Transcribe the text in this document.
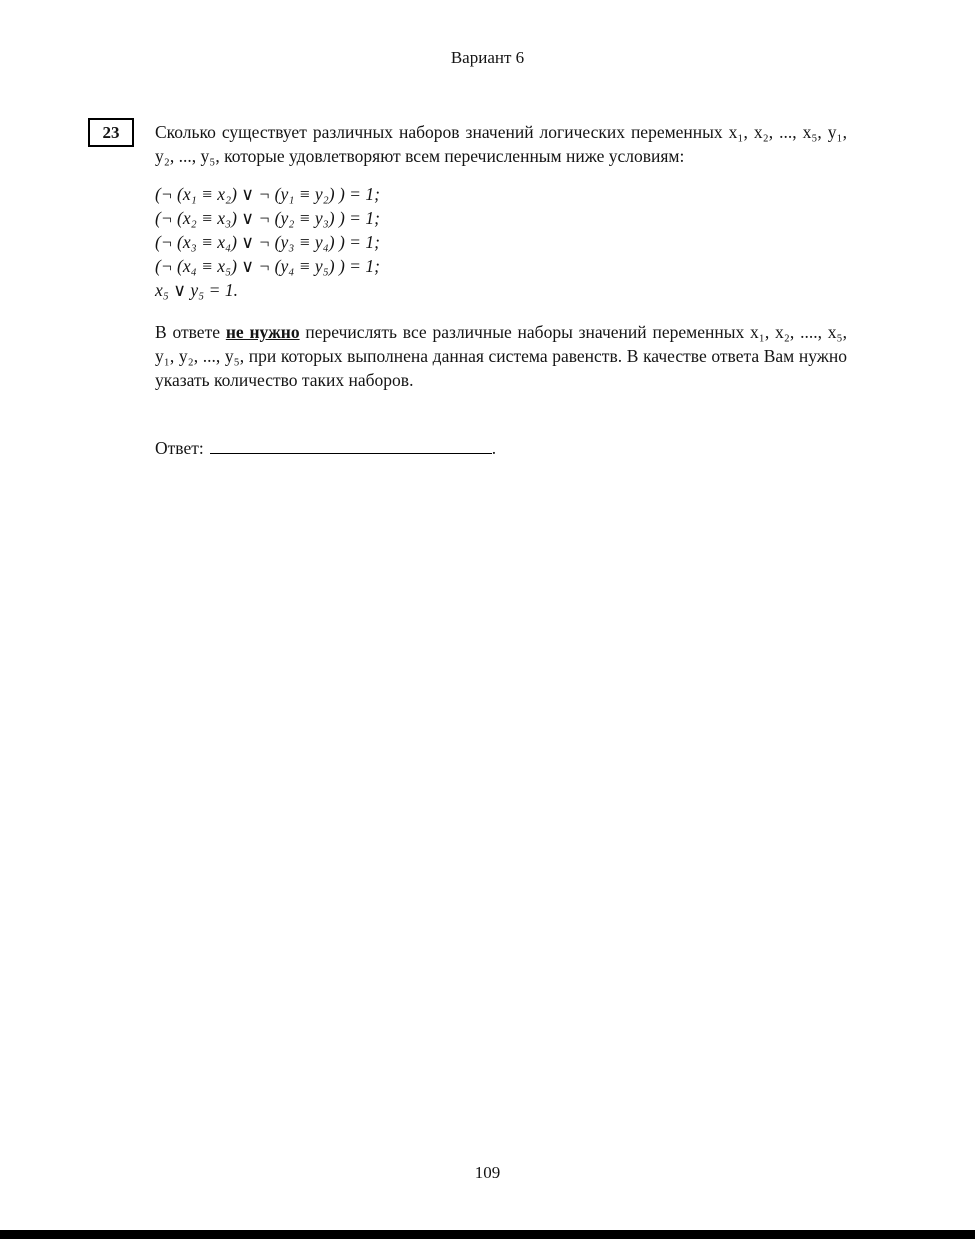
Вариант 6
23 Сколько существует различных наборов значений логических переменных x₁, x₂, ..., x₅, y₁, y₂, ..., y₅, которые удовлетворяют всем перечисленным ниже условиям:

(¬ (x₁ ≡ x₂) ∨ ¬ (y₁ ≡ y₂) ) = 1;
(¬ (x₂ ≡ x₃) ∨ ¬ (y₂ ≡ y₃) ) = 1;
(¬ (x₃ ≡ x₄) ∨ ¬ (y₃ ≡ y₄) ) = 1;
(¬ (x₄ ≡ x₅) ∨ ¬ (y₄ ≡ y₅) ) = 1;
x₅ ∨ y₅ = 1.

В ответе не нужно перечислять все различные наборы значений переменных x₁, x₂, ...., x₅, y₁, y₂, ..., y₅, при которых выполнена данная система равенств. В качестве ответа Вам нужно указать количество таких наборов.

Ответ:	.
109
